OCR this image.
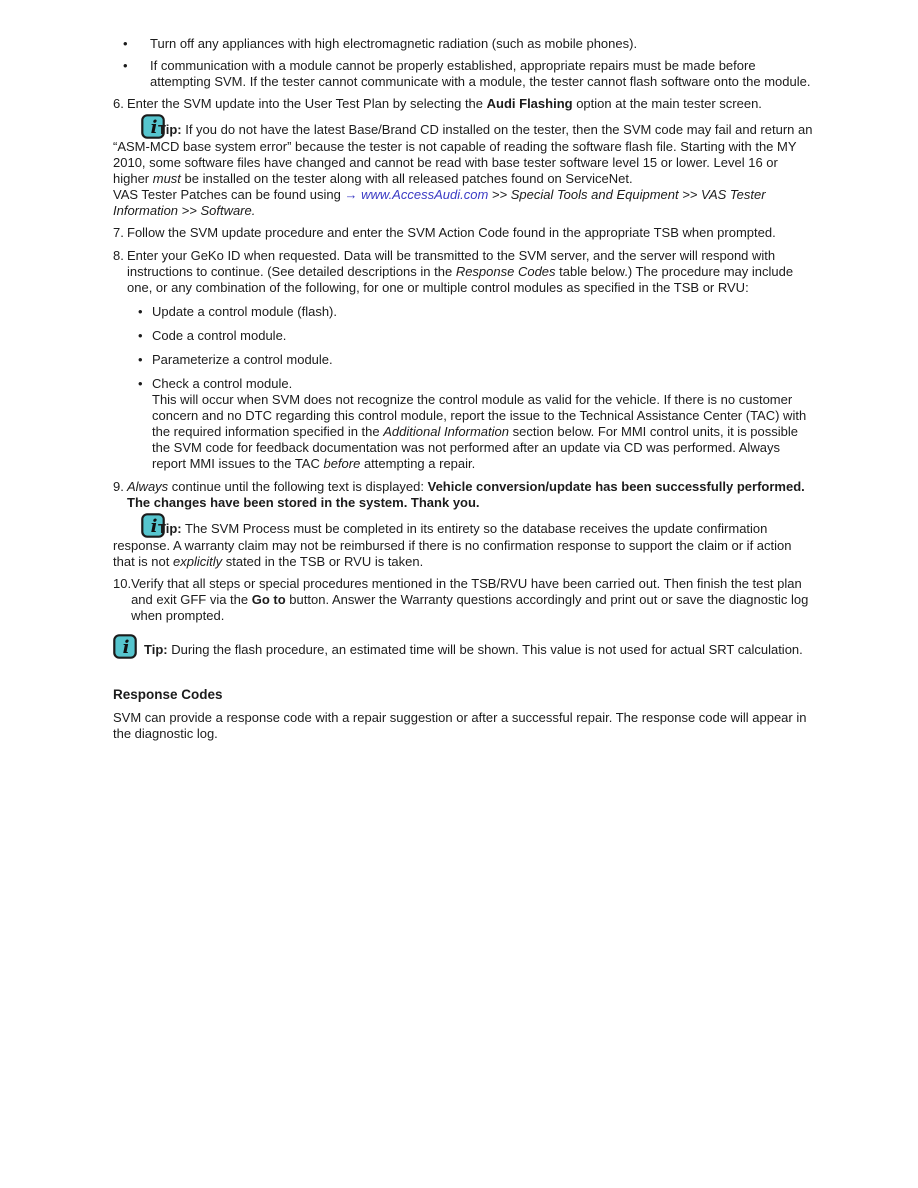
•	Turn off any appliances with high electromagnetic radiation (such as mobile phones).
•	If communication with a module cannot be properly established, appropriate repairs must be made before attempting SVM. If the tester cannot communicate with a module, the tester cannot flash software onto the module.
6. Enter the SVM update into the User Test Plan by selecting the Audi Flashing option at the main tester screen.
i Tip: If you do not have the latest Base/Brand CD installed on the tester, then the SVM code may fail and return an “ASM-MCD base system error” because the tester is not capable of reading the software flash file. Starting with the MY 2010, some software files have changed and cannot be read with base tester software level 15 or lower. Level 16 or higher must be installed on the tester along with all released patches found on ServiceNet.
VAS Tester Patches can be found using → www.AccessAudi.com >> Special Tools and Equipment >> VAS Tester Information >> Software.
7. Follow the SVM update procedure and enter the SVM Action Code found in the appropriate TSB when prompted.
8. Enter your GeKo ID when requested. Data will be transmitted to the SVM server, and the server will respond with instructions to continue. (See detailed descriptions in the Response Codes table below.) The procedure may include one, or any combination of the following, for one or multiple control modules as specified in the TSB or RVU:
• Update a control module (flash).
• Code a control module.
• Parameterize a control module.
• Check a control module.
This will occur when SVM does not recognize the control module as valid for the vehicle. If there is no customer concern and no DTC regarding this control module, report the issue to the Technical Assistance Center (TAC) with the required information specified in the Additional Information section below. For MMI control units, it is possible the SVM code for feedback documentation was not performed after an update via CD was performed. Always report MMI issues to the TAC before attempting a repair.
9. Always continue until the following text is displayed: Vehicle conversion/update has been successfully performed. The changes have been stored in the system. Thank you.
i Tip: The SVM Process must be completed in its entirety so the database receives the update confirmation response. A warranty claim may not be reimbursed if there is no confirmation response to support the claim or if action that is not explicitly stated in the TSB or RVU is taken.
10. Verify that all steps or special procedures mentioned in the TSB/RVU have been carried out. Then finish the test plan and exit GFF via the Go to button. Answer the Warranty questions accordingly and print out or save the diagnostic log when prompted.
i Tip: During the flash procedure, an estimated time will be shown. This value is not used for actual SRT calculation.
Response Codes
SVM can provide a response code with a repair suggestion or after a successful repair. The response code will appear in the diagnostic log.
